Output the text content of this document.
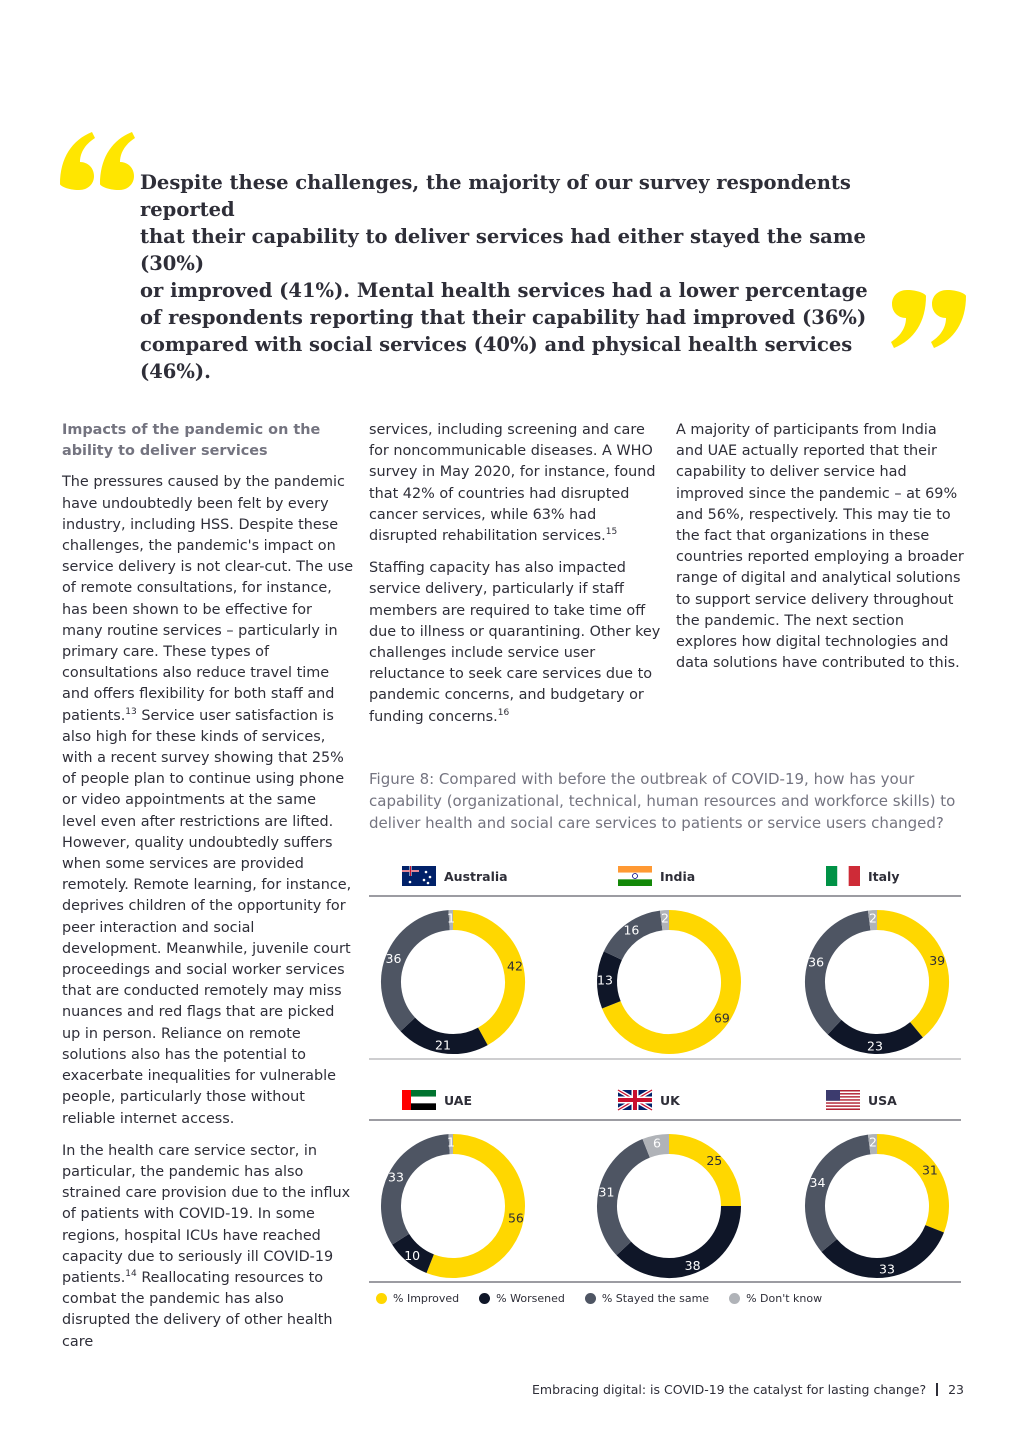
Despite these challenges, the majority of our survey respondents reported
that their capability to deliver services had either stayed the same (30%)
or improved (41%). Mental health services had a lower percentage
of respondents reporting that their capability had improved (36%)
compared with social services (40%) and physical health services (46%).
Impacts of the pandemic on the ability to deliver services

The pressures caused by the pandemic have undoubtedly been felt by every industry, including HSS. Despite these challenges, the pandemic's impact on service delivery is not clear-cut. The use of remote consultations, for instance, has been shown to be effective for many routine services – particularly in primary care. These types of consultations also reduce travel time and offers flexibility for both staff and patients.$^{13}$ Service user satisfaction is also high for these kinds of services, with a recent survey showing that 25% of people plan to continue using phone or video appointments at the same level even after restrictions are lifted. However, quality undoubtedly suffers when some services are provided remotely. Remote learning, for instance, deprives children of the opportunity for peer interaction and social development. Meanwhile, juvenile court proceedings and social worker services that are conducted remotely may miss nuances and red flags that are picked up in person. Reliance on remote solutions also has the potential to exacerbate inequalities for vulnerable people, particularly those without reliable internet access.

In the health care service sector, in particular, the pandemic has also strained care provision due to the influx of patients with COVID-19. In some regions, hospital ICUs have reached capacity due to seriously ill COVID-19 patients.$^{14}$ Reallocating resources to combat the pandemic has also disrupted the delivery of other health care

services, including screening and care for noncommunicable diseases. A WHO survey in May 2020, for instance, found that 42% of countries had disrupted cancer services, while 63% had disrupted rehabilitation services.$^{15}$

Staffing capacity has also impacted service delivery, particularly if staff members are required to take time off due to illness or quarantining. Other key challenges include service user reluctance to seek care services due to pandemic concerns, and budgetary or funding concerns.$^{16}$

A majority of participants from India and UAE actually reported that their capability to deliver service had improved since the pandemic – at 69% and 56%, respectively. This may tie to the fact that organizations in these countries reported employing a broader range of digital and analytical solutions to support service delivery throughout the pandemic. The next section explores how digital technologies and data solutions have contributed to this.

Figure 8: Compared with before the outbreak of COVID-19, how has your capability (organizational, technical, human resources and workforce skills) to deliver health and social care services to patients or service users changed?
Australia
42
21
36
1
India
69
13
16
2
Italy
39
23
36
2
UAE
56
10
33
1
UK
25
38
31
6
USA
31
33
34
2
% Improved	% Worsened	% Stayed the same	% Don't know
Embracing digital: is COVID-19 the catalyst for lasting change? 23
